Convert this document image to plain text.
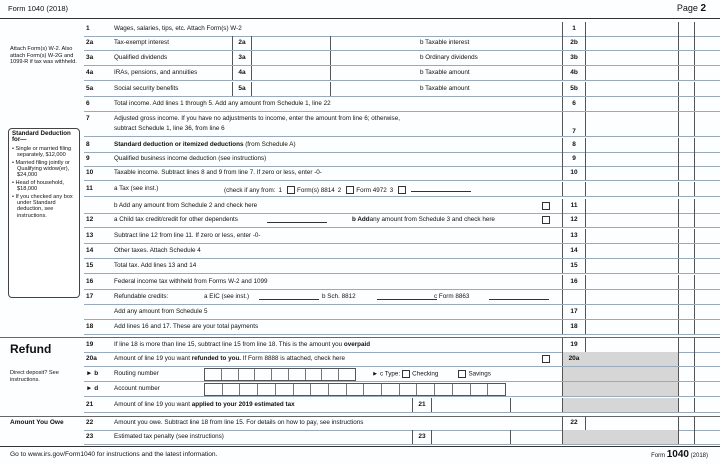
Form 1040 (2018)	Page 2
Attach Form(s) W-2. Also attach Form(s) W-2G and 1099-R if tax was withheld.
Standard Deduction for—
• Single or married filing separately, $12,000
• Married filing jointly or Qualifying widow(er), $24,000
• Head of household, $18,000
• If you checked any box under Standard deduction, see instructions.
Refund
Direct deposit? See instructions.
Amount You Owe
1	Wages, salaries, tips, etc. Attach Form(s) W-2	1
2a	Tax-exempt interest	2b
2a	b Taxable interest
3a	Qualified dividends	3b
3a	b Ordinary dividends
4a	IRAs, pensions, and annuities	4b
4a	b Taxable amount
5a	Social security benefits	5b
5a	b Taxable amount
6	Total income. Add lines 1 through 5. Add any amount from Schedule 1, line 22	6
7	Adjusted gross income. If you have no adjustments to income, enter the amount from line 6; otherwise,
subtract Schedule 1, line 36, from line 6	7
8	Standard deduction or itemized deductions (from Schedule A)	8
9	Qualified business income deduction (see instructions)	9
10	Taxable income. Subtract lines 8 and 9 from line 7. If zero or less, enter -0-	10
11	a Tax (see inst.)	(check if any from: 1 Form(s) 8814 2 Form 4972 3
b Add any amount from Schedule 2 and check here	11
12	a Child tax credit/credit for other dependents	12
b Addany amount from Schedule 3 and check here
13	Subtract line 12 from line 11. If zero or less, enter -0-	13
14	Other taxes. Attach Schedule 4	14
15	Total tax. Add lines 13 and 14	15
16	Federal income tax withheld from Forms W-2 and 1099	16
17	Refundable credits:	a EIC (see inst.)	b Sch. 8812	c Form 8863
Add any amount from Schedule 5	17
18	Add lines 16 and 17. These are your total payments	18
19	If line 18 is more than line 15, subtract line 15 from line 18. This is the amount you overpaid	19
20a	Amount of line 19 you want refunded to you. If Form 8888 is attached, check here	20a
► b	Routing number	► c Type: Checking	Savings
► d	Account number
21	Amount of line 19 you want applied to your 2019 estimated tax	21
22	Amount you owe. Subtract line 18 from line 15. For details on how to pay, see instructions	22
23	Estimated tax penalty (see instructions)	23
Go to www.irs.gov/Form1040 for instructions and the latest information.	Form 1040 (2018)
